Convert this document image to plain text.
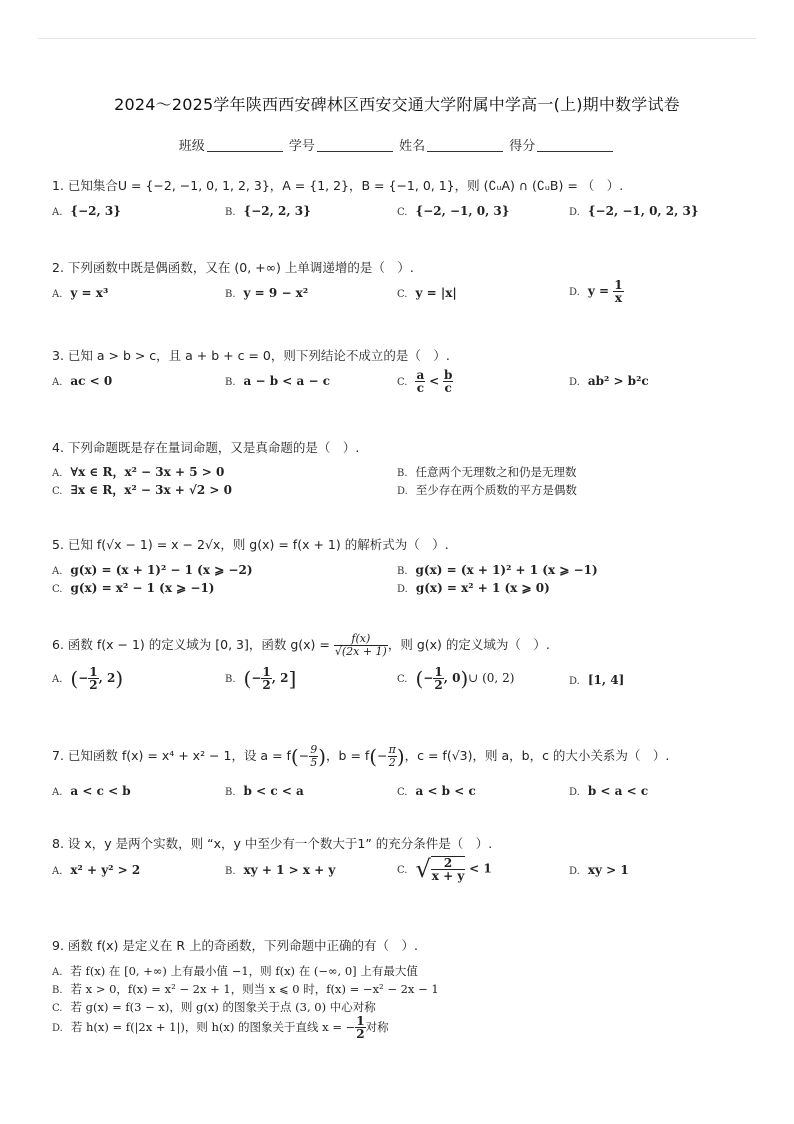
2024～2025学年陕西西安碑林区西安交通大学附属中学高一(上)期中数学试卷
班级	学号	姓名	得分
1. 已知集合U = {−2, −1, 0, 1, 2, 3}，A = {1, 2}，B = {−1, 0, 1}，则 (∁ᵤA) ∩ (∁ᵤB) = （　）.
A. {−2, 3}	B. {−2, 2, 3}	C. {−2, −1, 0, 3}	D. {−2, −1, 0, 2, 3}
2. 下列函数中既是偶函数，又在 (0, +∞) 上单调递增的是（　）.
A. y = x³	B. y = 9 − x²	C. y = |x|	D. $y = \frac{1}{x}$
3. 已知 a > b > c，且 a + b + c = 0，则下列结论不成立的是（　）.
A. ac < 0	B. a − b < a − c	C. $\frac{a}{c} < \frac{b}{c}$	D. ab² > b²c
4. 下列命题既是存在量词命题，又是真命题的是（　）.
A. ∀x ∈ R，x² − 3x + 5 > 0	B. 任意两个无理数之和仍是无理数
C. ∃x ∈ R，x² − 3x + √2 > 0	D. 至少存在两个质数的平方是偶数
5. 已知 f(√x − 1) = x − 2√x，则 g(x) = f(x + 1) 的解析式为（　）.
A. g(x) = (x + 1)² − 1 (x ⩾ −2)	B. g(x) = (x + 1)² + 1 (x ⩾ −1)
C. g(x) = x² − 1 (x ⩾ −1)	D. g(x) = x² + 1 (x ⩾ 0)
6. 函数 f(x − 1) 的定义域为 [0, 3]，函数 $g(x) = \frac{f(x)}{√(2x + 1)}$ ，则 g(x) 的定义域为（　）.
A. (− $\frac{1}{2}$ , 2)	B. (− $\frac{1}{2}$ , 2]	C. (− $\frac{1}{2}$ , 0)∪ (0, 2)	D. [1, 4]
7. 已知函数 f(x) = x⁴ + x² − 1，设 $a = f(- \frac{9}{5}$ )，$b = f(- \frac{\pi}{2}$ )，c = f(√3)，则 a，b，c 的大小关系为（　）.
A. a < c < b	B. b < c < a	C. a < b < c	D. b < a < c
8. 设 x，y 是两个实数，则 “x，y 中至少有一个数大于1” 的充分条件是（　）.
A. x² + y² > 2	B. xy + 1 > x + y	C. √ $\frac{2}{x + y} < 1$	D. xy > 1
9. 函数 f(x) 是定义在 R 上的奇函数，下列命题中正确的有（　）.
A. 若 f(x) 在 [0, +∞) 上有最小值 −1，则 f(x) 在 (−∞, 0] 上有最大值
B. 若 x > 0，f(x) = x² − 2x + 1，则当 x ⩽ 0 时，f(x) = −x² − 2x − 1
C. 若 g(x) = f(3 − x)，则 g(x) 的图象关于点 (3, 0) 中心对称
D. 若 h(x) = f(|2x + 1|)，则 h(x) 的图象关于直线 x = − $\frac{1}{2}$ 对称
